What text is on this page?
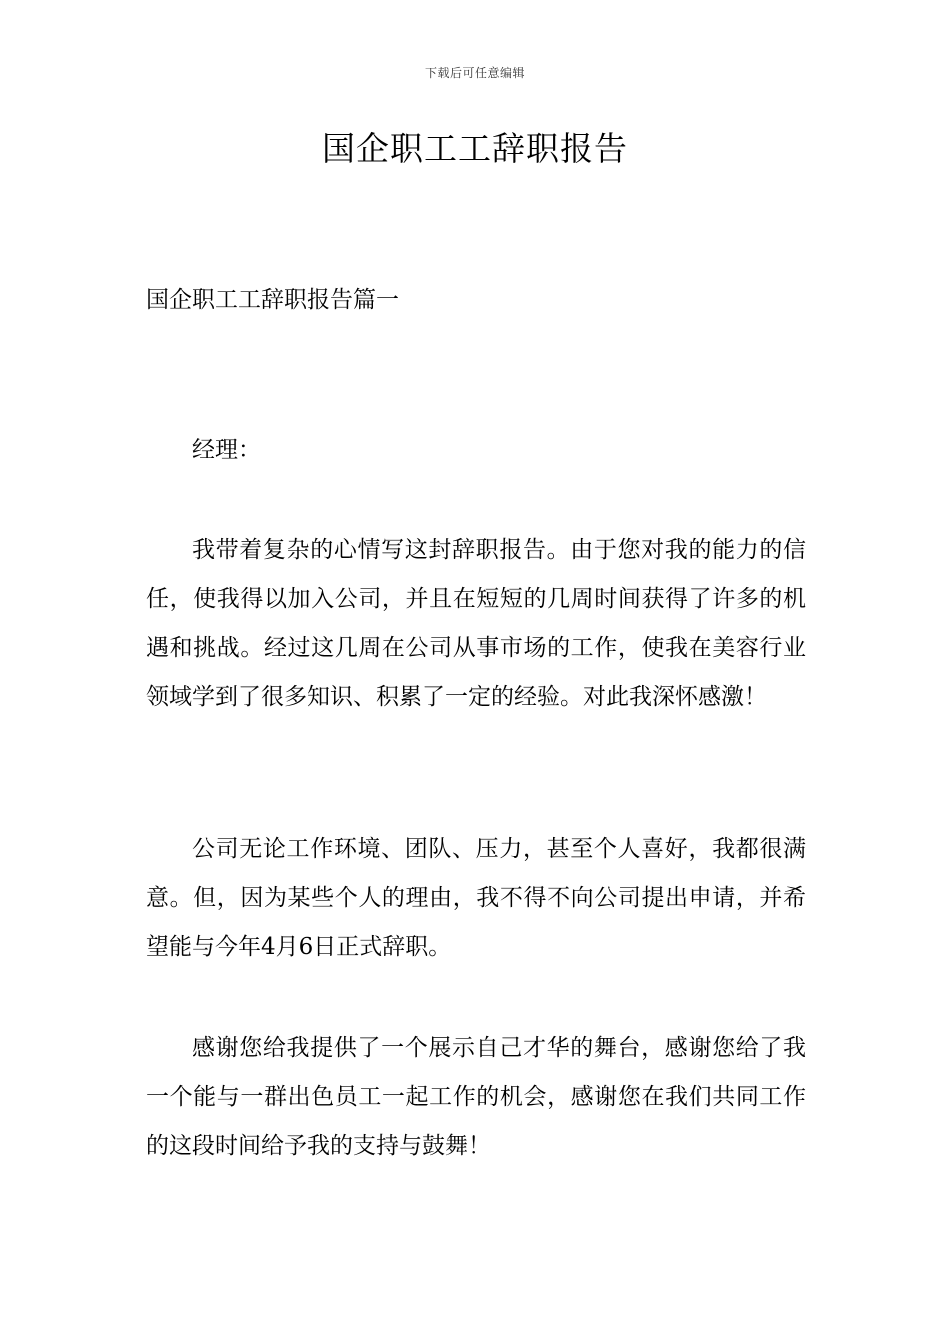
下载后可任意编辑
国企职工工辞职报告
国企职工工辞职报告篇一

经理：

我带着复杂的心情写这封辞职报告。由于您对我的能力的信任，使我得以加入公司，并且在短短的几周时间获得了许多的机遇和挑战。经过这几周在公司从事市场的工作，使我在美容行业领域学到了很多知识、积累了一定的经验。对此我深怀感激！

公司无论工作环境、团队、压力，甚至个人喜好，我都很满意。但，因为某些个人的理由，我不得不向公司提出申请，并希望能与今年4月6日正式辞职。

感谢您给我提供了一个展示自己才华的舞台，感谢您给了我一个能与一群出色员工一起工作的机会，感谢您在我们共同工作的这段时间给予我的支持与鼓舞！
